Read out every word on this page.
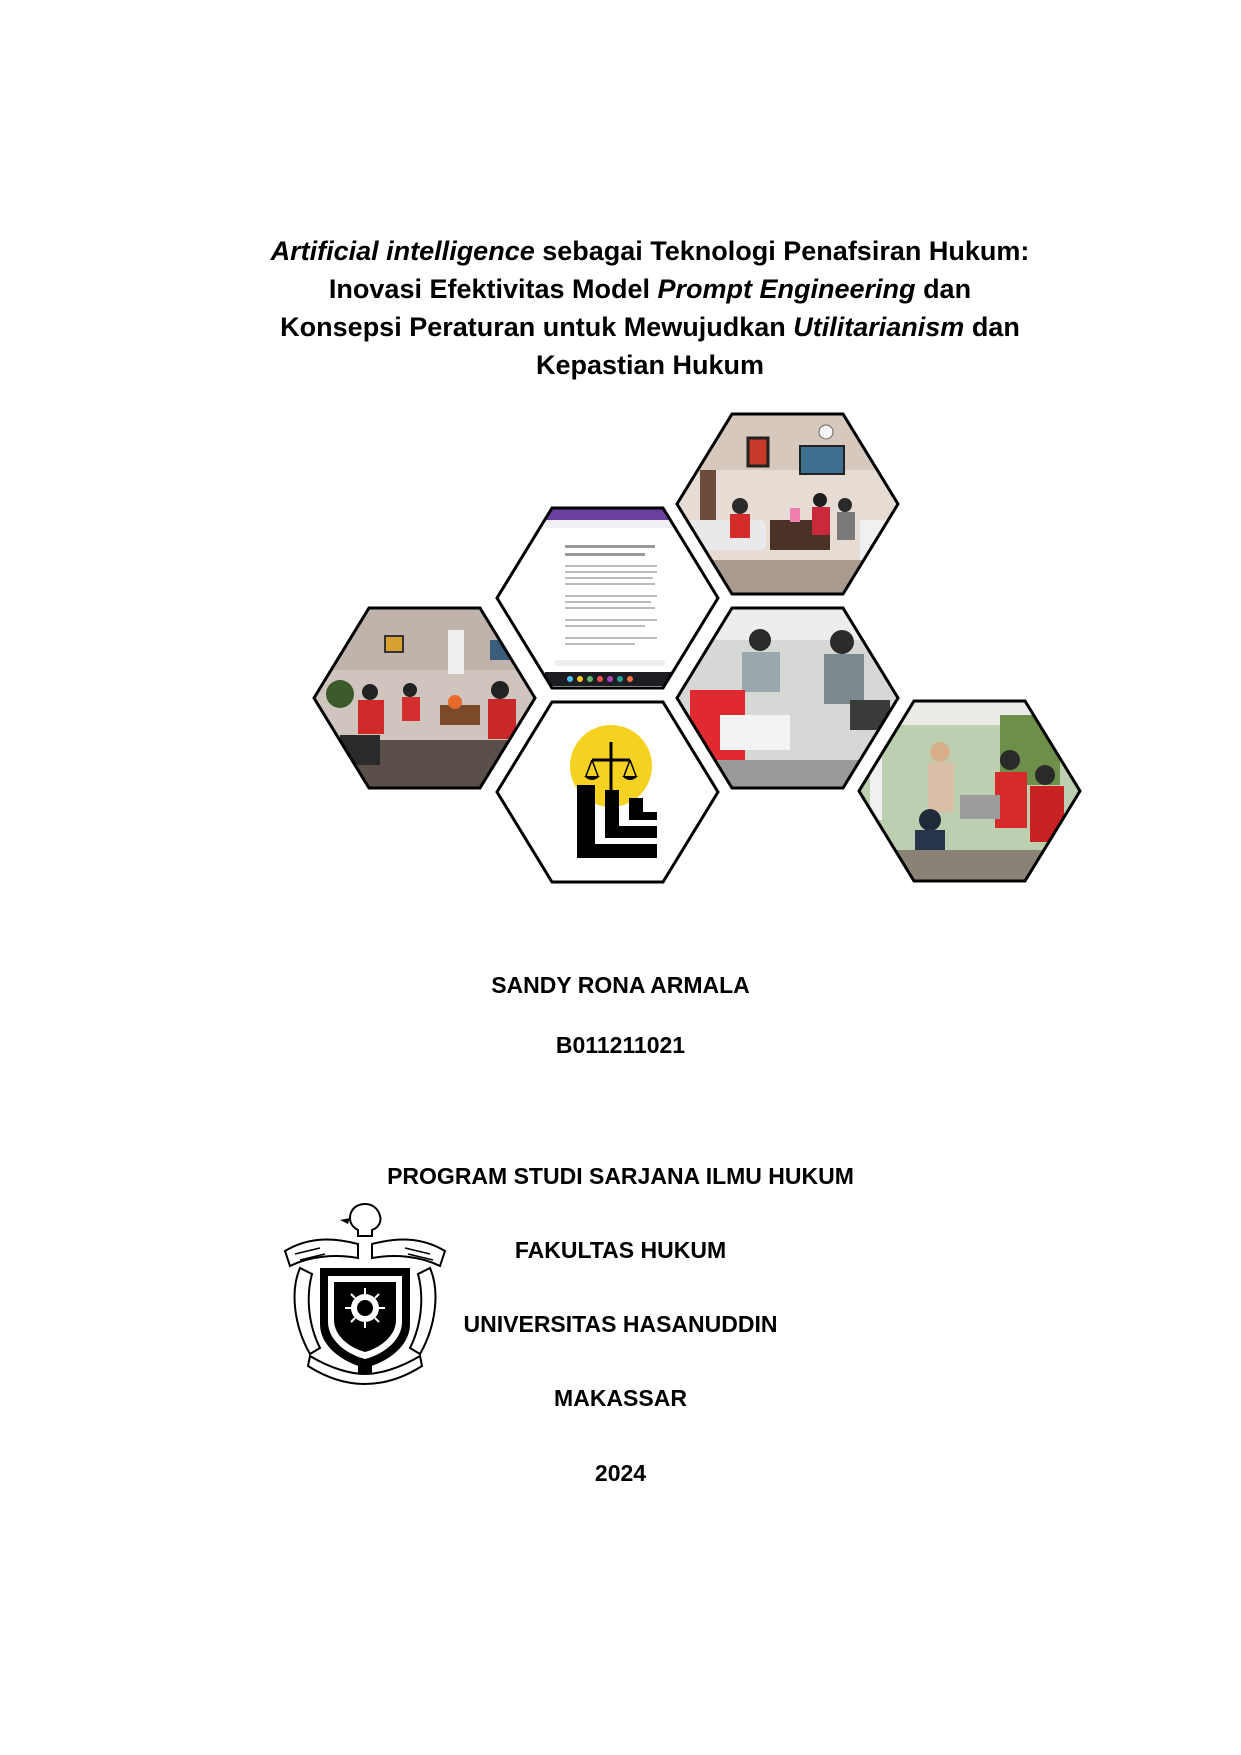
Artificial intelligence sebagai Teknologi Penafsiran Hukum:
Inovasi Efektivitas Model Prompt Engineering dan
Konsepsi Peraturan untuk Mewujudkan Utilitarianism dan
Kepastian Hukum

SANDY RONA ARMALA

B011211021

PROGRAM STUDI SARJANA ILMU HUKUM

FAKULTAS HUKUM

UNIVERSITAS HASANUDDIN

MAKASSAR

2024
